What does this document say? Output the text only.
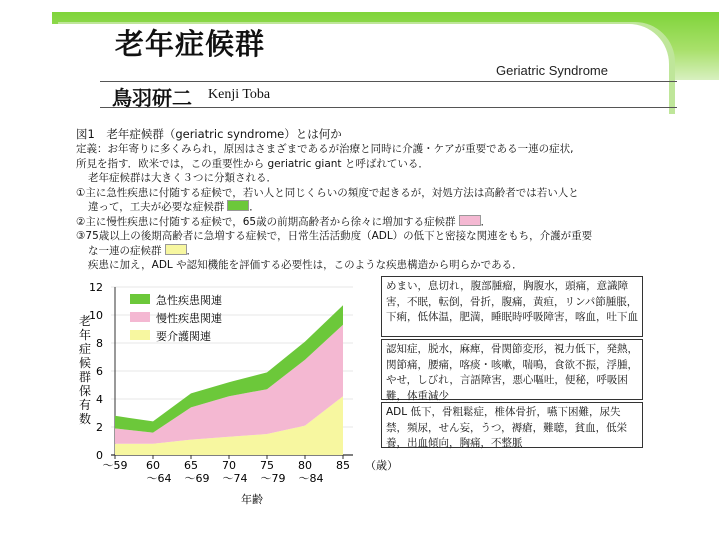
老年症候群
Geriatric Syndrome
鳥羽研二 Kenji Toba
図1　老年症候群（geriatric syndrome）とは何か
定義：お年寄りに多くみられ，原因はさまざまであるが治療と同時に介護・ケアが重要である一連の症状,
所見を指す．欧米では，この重要性から geriatric giant と呼ばれている．
老年症候群は大きく３つに分類される．
①主に急性疾患に付随する症候で，若い人と同じくらいの頻度で起きるが，対処方法は高齢者では若い人と
違って，工夫が必要な症候群 ．
②主に慢性疾患に付随する症候で，65歳の前期高齢者から徐々に増加する症候群 ．
③75歳以上の後期高齢者に急増する症候で，日常生活活動度（ADL）の低下と密接な関連をもち，介護が重要
な一連の症候群 ．
疾患に加え，ADL や認知機能を評価する必要性は，このような疾患構造から明らかである．
0
2
4
6
8
10
12
～59 60
～64
65
～69
70
～74
75
～79
80
～84
85 （歳）
年齢
老
年
症
候
群
保
有
数
急性疾患関連
慢性疾患関連
要介護関連
めまい，息切れ，腹部腫瘤，胸腹水，頭痛，意識障害，不眠，転倒，骨折，腹痛，黄疸，リンパ節腫脹，下痢，低体温，肥満，睡眠時呼吸障害，喀血，吐下血
認知症，脱水，麻痺，骨関節変形，視力低下，発熱，関節痛，腰痛，喀痰・咳嗽，喘鳴，食欲不振，浮腫，やせ，しびれ，言語障害，悪心嘔吐，便秘，呼吸困難，体重減少
ADL 低下，骨粗鬆症，椎体骨折，嚥下困難，尿失禁，頻尿，せん妄，うつ，褥瘡，難聴，貧血，低栄養，出血傾向，胸痛，不整脈
